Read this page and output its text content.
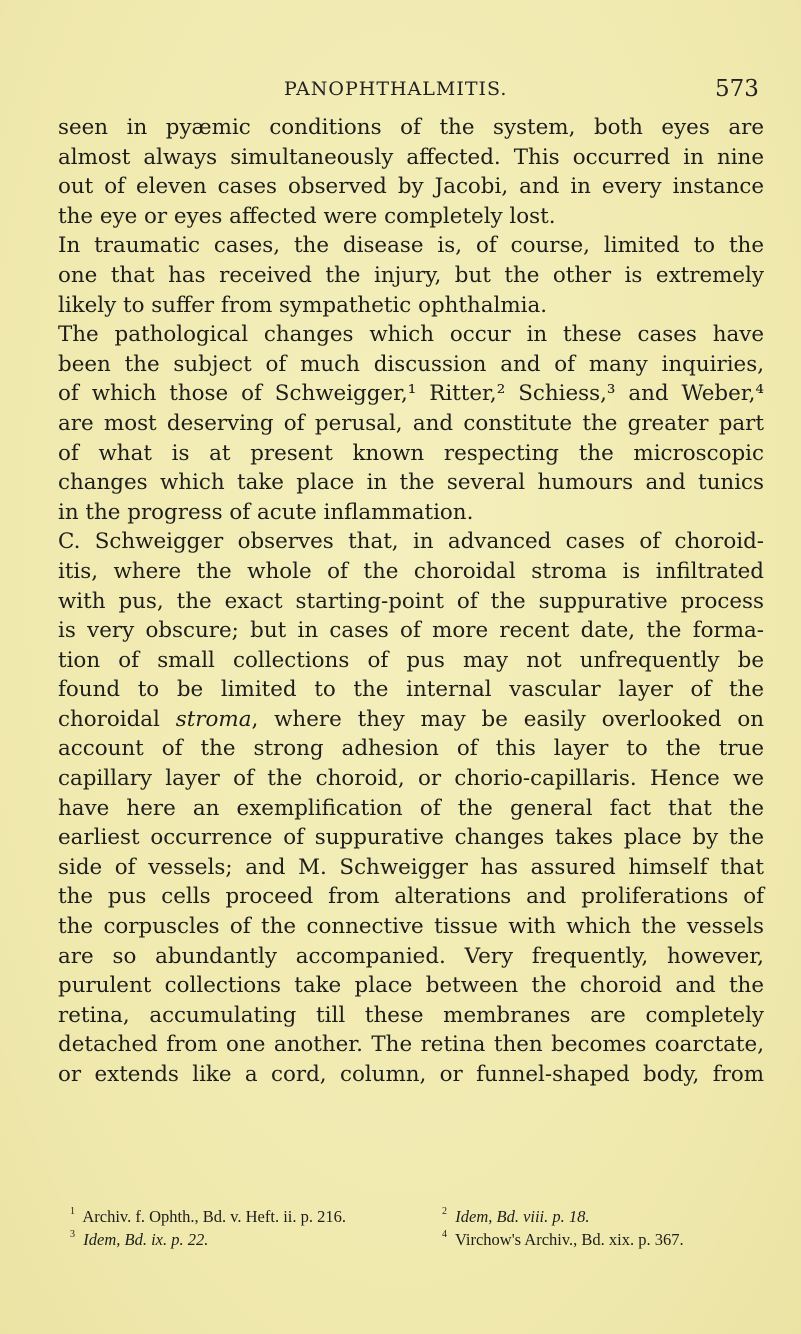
PANOPHTHALMITIS.	573
seen in pyæmic conditions of the system, both eyes are
almost always simultaneously affected. This occurred in nine
out of eleven cases observed by Jacobi, and in every instance
the eye or eyes affected were completely lost.
In traumatic cases, the disease is, of course, limited to the
one that has received the injury, but the other is extremely
likely to suffer from sympathetic ophthalmia.
The pathological changes which occur in these cases have
been the subject of much discussion and of many inquiries,
of which those of Schweigger,¹ Ritter,² Schiess,³ and Weber,⁴
are most deserving of perusal, and constitute the greater part
of what is at present known respecting the microscopic
changes which take place in the several humours and tunics
in the progress of acute inflammation.
C. Schweigger observes that, in advanced cases of choroid-
itis, where the whole of the choroidal stroma is infiltrated
with pus, the exact starting-point of the suppurative process
is very obscure; but in cases of more recent date, the forma-
tion of small collections of pus may not unfrequently be
found to be limited to the internal vascular layer of the
choroidal stroma, where they may be easily overlooked on
account of the strong adhesion of this layer to the true
capillary layer of the choroid, or chorio-capillaris. Hence we
have here an exemplification of the general fact that the
earliest occurrence of suppurative changes takes place by the
side of vessels; and M. Schweigger has assured himself that
the pus cells proceed from alterations and proliferations of
the corpuscles of the connective tissue with which the vessels
are so abundantly accompanied. Very frequently, however,
purulent collections take place between the choroid and the
retina, accumulating till these membranes are completely
detached from one another. The retina then becomes coarctate,
or extends like a cord, column, or funnel-shaped body, from
$^1$ Archiv. f. Ophth., Bd. v. Heft. ii. p. 216.	$^2$ Idem, Bd. viii. p. 18.
$^3$ Idem, Bd. ix. p. 22.	$^4$ Virchow's Archiv., Bd. xix. p. 367.
